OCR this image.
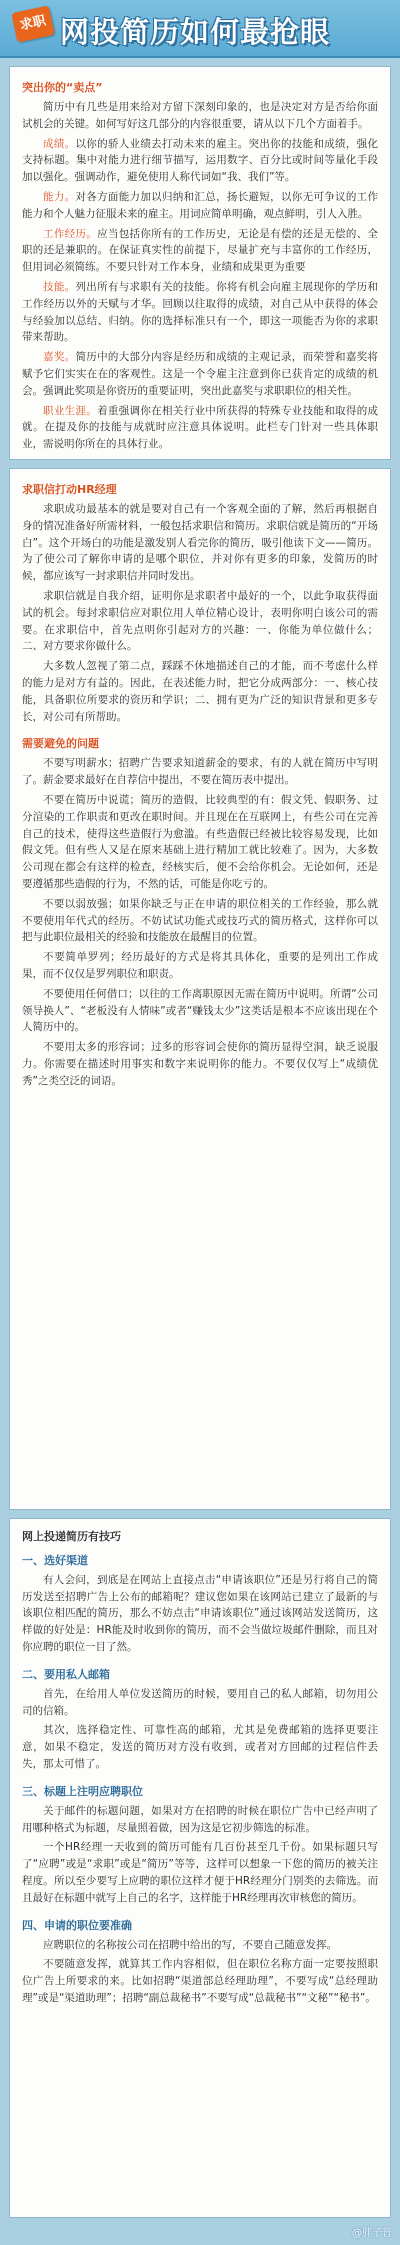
求职 网投简历如何最抢眼
突出你的“卖点”

简历中有几些是用来给对方留下深刻印象的，也是决定对方是否给你面试机会的关键。如何写好这几部分的内容很重要，请从以下几个方面着手。

成绩。以你的骄人业绩去打动未来的雇主。突出你的技能和成绩，强化支持标题。集中对能力进行细节描写，运用数字、百分比或时间等量化手段加以强化。强调动作，避免使用人称代词如“我、我们”等。

能力。对各方面能力加以归纳和汇总，扬长避短，以你无可争议的工作能力和个人魅力征服未来的雇主。用词应简单明确，观点鲜明，引人入胜。

工作经历。应当包括你所有的工作历史，无论是有偿的还是无偿的、全职的还是兼职的。在保证真实性的前提下，尽量扩充与丰富你的工作经历，但用词必须简练。不要只针对工作本身，业绩和成果更为重要

技能。列出所有与求职有关的技能。你将有机会向雇主展现你的学历和工作经历以外的天赋与才华。回顾以往取得的成绩，对自己从中获得的体会与经验加以总结、归纳。你的选择标准只有一个，即这一项能否为你的求职带来帮助。

嘉奖。简历中的大部分内容是经历和成绩的主观记录，而荣誉和嘉奖将赋予它们实实在在的客观性。这是一个令雇主注意到你已获肯定的成绩的机会。强调此奖项是你资历的重要证明，突出此嘉奖与求职职位的相关性。

职业生涯。着重强调你在相关行业中所获得的特殊专业技能和取得的成就。在提及你的技能与成就时应注意具体说明。此栏专门针对一些具体职业，需说明你所在的具体行业。

求职信打动HR经理

求职成功最基本的就是要对自己有一个客观全面的了解，然后再根据自身的情况准备好所需材料，一般包括求职信和简历。求职信就是简历的“开场白”。这个开场白的功能是激发别人看完你的简历，吸引他读下文——简历。为了使公司了解你申请的是哪个职位，并对你有更多的印象，发简历的时候，都应该写一封求职信并同时发出。

求职信就是自我介绍，证明你是求职者中最好的一个，以此争取获得面试的机会。每封求职信应对职位用人单位精心设计，表明你明白该公司的需要。在求职信中，首先点明你引起对方的兴趣：一、你能为单位做什么；二、对方要求你做什么。

大多数人忽视了第二点，踩踩不休地描述自己的才能，而不考虑什么样的能力是对方有益的。因此，在表述能力时，把它分成两部分：一、核心技能，具备职位所要求的资历和学识；二、拥有更为广泛的知识背景和更多专长，对公司有所帮助。

需要避免的问题

不要写明薪水；招聘广告要求知道薪金的要求，有的人就在简历中写明了。薪金要求最好在自荐信中提出，不要在简历表中提出。

不要在简历中说谎；简历的造假，比较典型的有：假文凭、假职务、过分渲染的工作职责和更改在职时间。并且现在在互联网上，有些公司在完善自己的技术，使得这些造假行为愈滥。有些造假已经被比较容易发现，比如假文凭。但有些人又是在原来基础上进行精加工就比较难了。因为，大多数公司现在都会有这样的检查，经核实后，便不会给你机会。无论如何，还是要遵循那些造假的行为，不然的话，可能是你吃亏的。

不要以弱放强；如果你缺乏与正在申请的职位相关的工作经验，那么就不要使用年代式的经历。不妨试试功能式或技巧式的简历格式，这样你可以把与此职位最相关的经验和技能放在最醒目的位置。

不要简单罗列；经历最好的方式是将其具体化，重要的是列出工作成果，而不仅仅是罗列职位和职责。

不要使用任何借口；以往的工作离职原因无需在简历中说明。所谓“公司领导换人”、“老板没有人情味”或者“赚钱太少”这类话是根本不应该出现在个人简历中的。

不要用太多的形容词；过多的形容词会使你的简历显得空洞，缺乏说服力。你需要在描述时用事实和数字来说明你的能力。不要仅仅写上“成绩优秀”之类空泛的词语。

网上投递简历有技巧
一、选好渠道

有人会问，到底是在网站上直接点击“申请该职位”还是另行将自己的简历发送至招聘广告上公布的邮箱呢？建议您如果在该网站已建立了最新的与该职位相匹配的简历，那么不妨点击“申请该职位”通过该网站发送简历，这样做的好处是：HR能及时收到你的简历，而不会当做垃圾邮件删除，而且对你应聘的职位一目了然。

二、要用私人邮箱

首先，在给用人单位发送简历的时候，要用自己的私人邮箱，切勿用公司的信箱。

其次，选择稳定性、可靠性高的邮箱，尤其是免费邮箱的选择更要注意，如果不稳定，发送的简历对方没有收到，或者对方回邮的过程信件丢失，那太可惜了。

三、标题上注明应聘职位

关于邮件的标题问题，如果对方在招聘的时候在职位广告中已经声明了用哪种格式为标题，尽量照着做，因为这是它初步筛选的标准。

一个HR经理一天收到的简历可能有几百份甚至几千份。如果标题只写了“应聘”或是“求职”或是“简历”等等，这样可以想象一下您的简历的被关注程度。所以至少要写上应聘的职位这样才便于HR经理分门别类的去筛选。而且最好在标题中就写上自己的名字，这样能于HR经理再次审核您的简历。

四、申请的职位要准确

应聘职位的名称按公司在招聘中给出的写，不要自己随意发挥。

不要随意发挥，就算其工作内容相似，但在职位名称方面一定要按照职位广告上所要求的来。比如招聘“渠道部总经理助理”，不要写成“总经理助理”或是“渠道助理”；招聘“副总裁秘书”不要写成“总裁秘书”“文秘”“秘书”。

@胖子普
